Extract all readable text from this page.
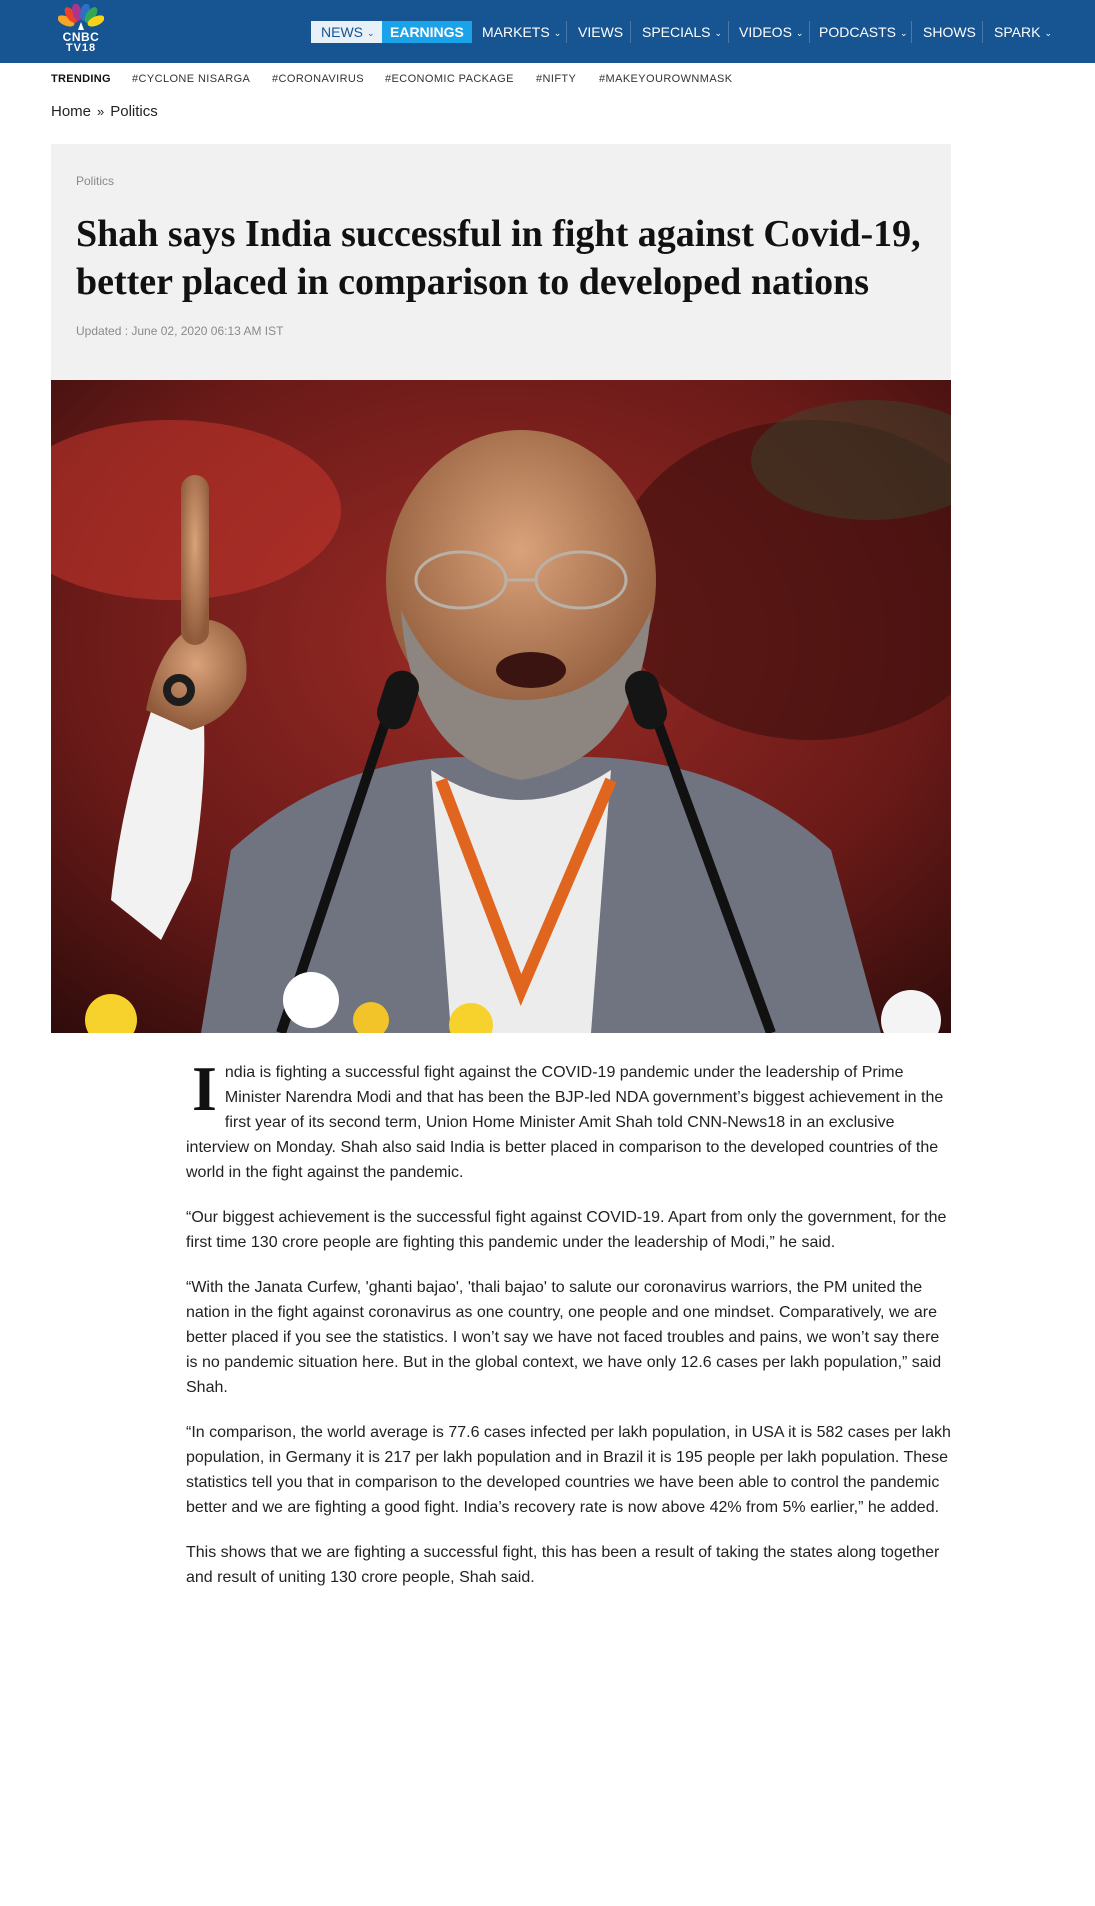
CNBC
TV18
NEWS ⌄	EARNINGS	MARKETS ⌄ VIEWS SPECIALS ⌄ VIDEOS ⌄ PODCASTS ⌄ SHOWS SPARK ⌄
TRENDING #CYCLONE NISARGA #CORONAVIRUS #ECONOMIC PACKAGE #NIFTY #MAKEYOUROWNMASK
Home » Politics
Politics
Shah says India successful in fight against Covid-19, better placed in comparison to developed nations
Updated : June 02, 2020 06:13 AM IST

India is fighting a successful fight against the COVID-19 pandemic under the leadership of Prime Minister Narendra Modi and that has been the BJP-led NDA government’s biggest achievement in the first year of its second term, Union Home Minister Amit Shah told CNN-News18 in an exclusive interview on Monday. Shah also said India is better placed in comparison to the developed countries of the world in the fight against the pandemic.

“Our biggest achievement is the successful fight against COVID-19. Apart from only the government, for the first time 130 crore people are fighting this pandemic under the leadership of Modi,” he said.

“With the Janata Curfew, 'ghanti bajao', 'thali bajao' to salute our coronavirus warriors, the PM united the nation in the fight against coronavirus as one country, one people and one mindset. Comparatively, we are better placed if you see the statistics. I won’t say we have not faced troubles and pains, we won’t say there is no pandemic situation here. But in the global context, we have only 12.6 cases per lakh population,” said Shah.

“In comparison, the world average is 77.6 cases infected per lakh population, in USA it is 582 cases per lakh population, in Germany it is 217 per lakh population and in Brazil it is 195 people per lakh population. These statistics tell you that in comparison to the developed countries we have been able to control the pandemic better and we are fighting a good fight. India’s recovery rate is now above 42% from 5% earlier,” he added.

This shows that we are fighting a successful fight, this has been a result of taking the states along together and result of uniting 130 crore people, Shah said.
